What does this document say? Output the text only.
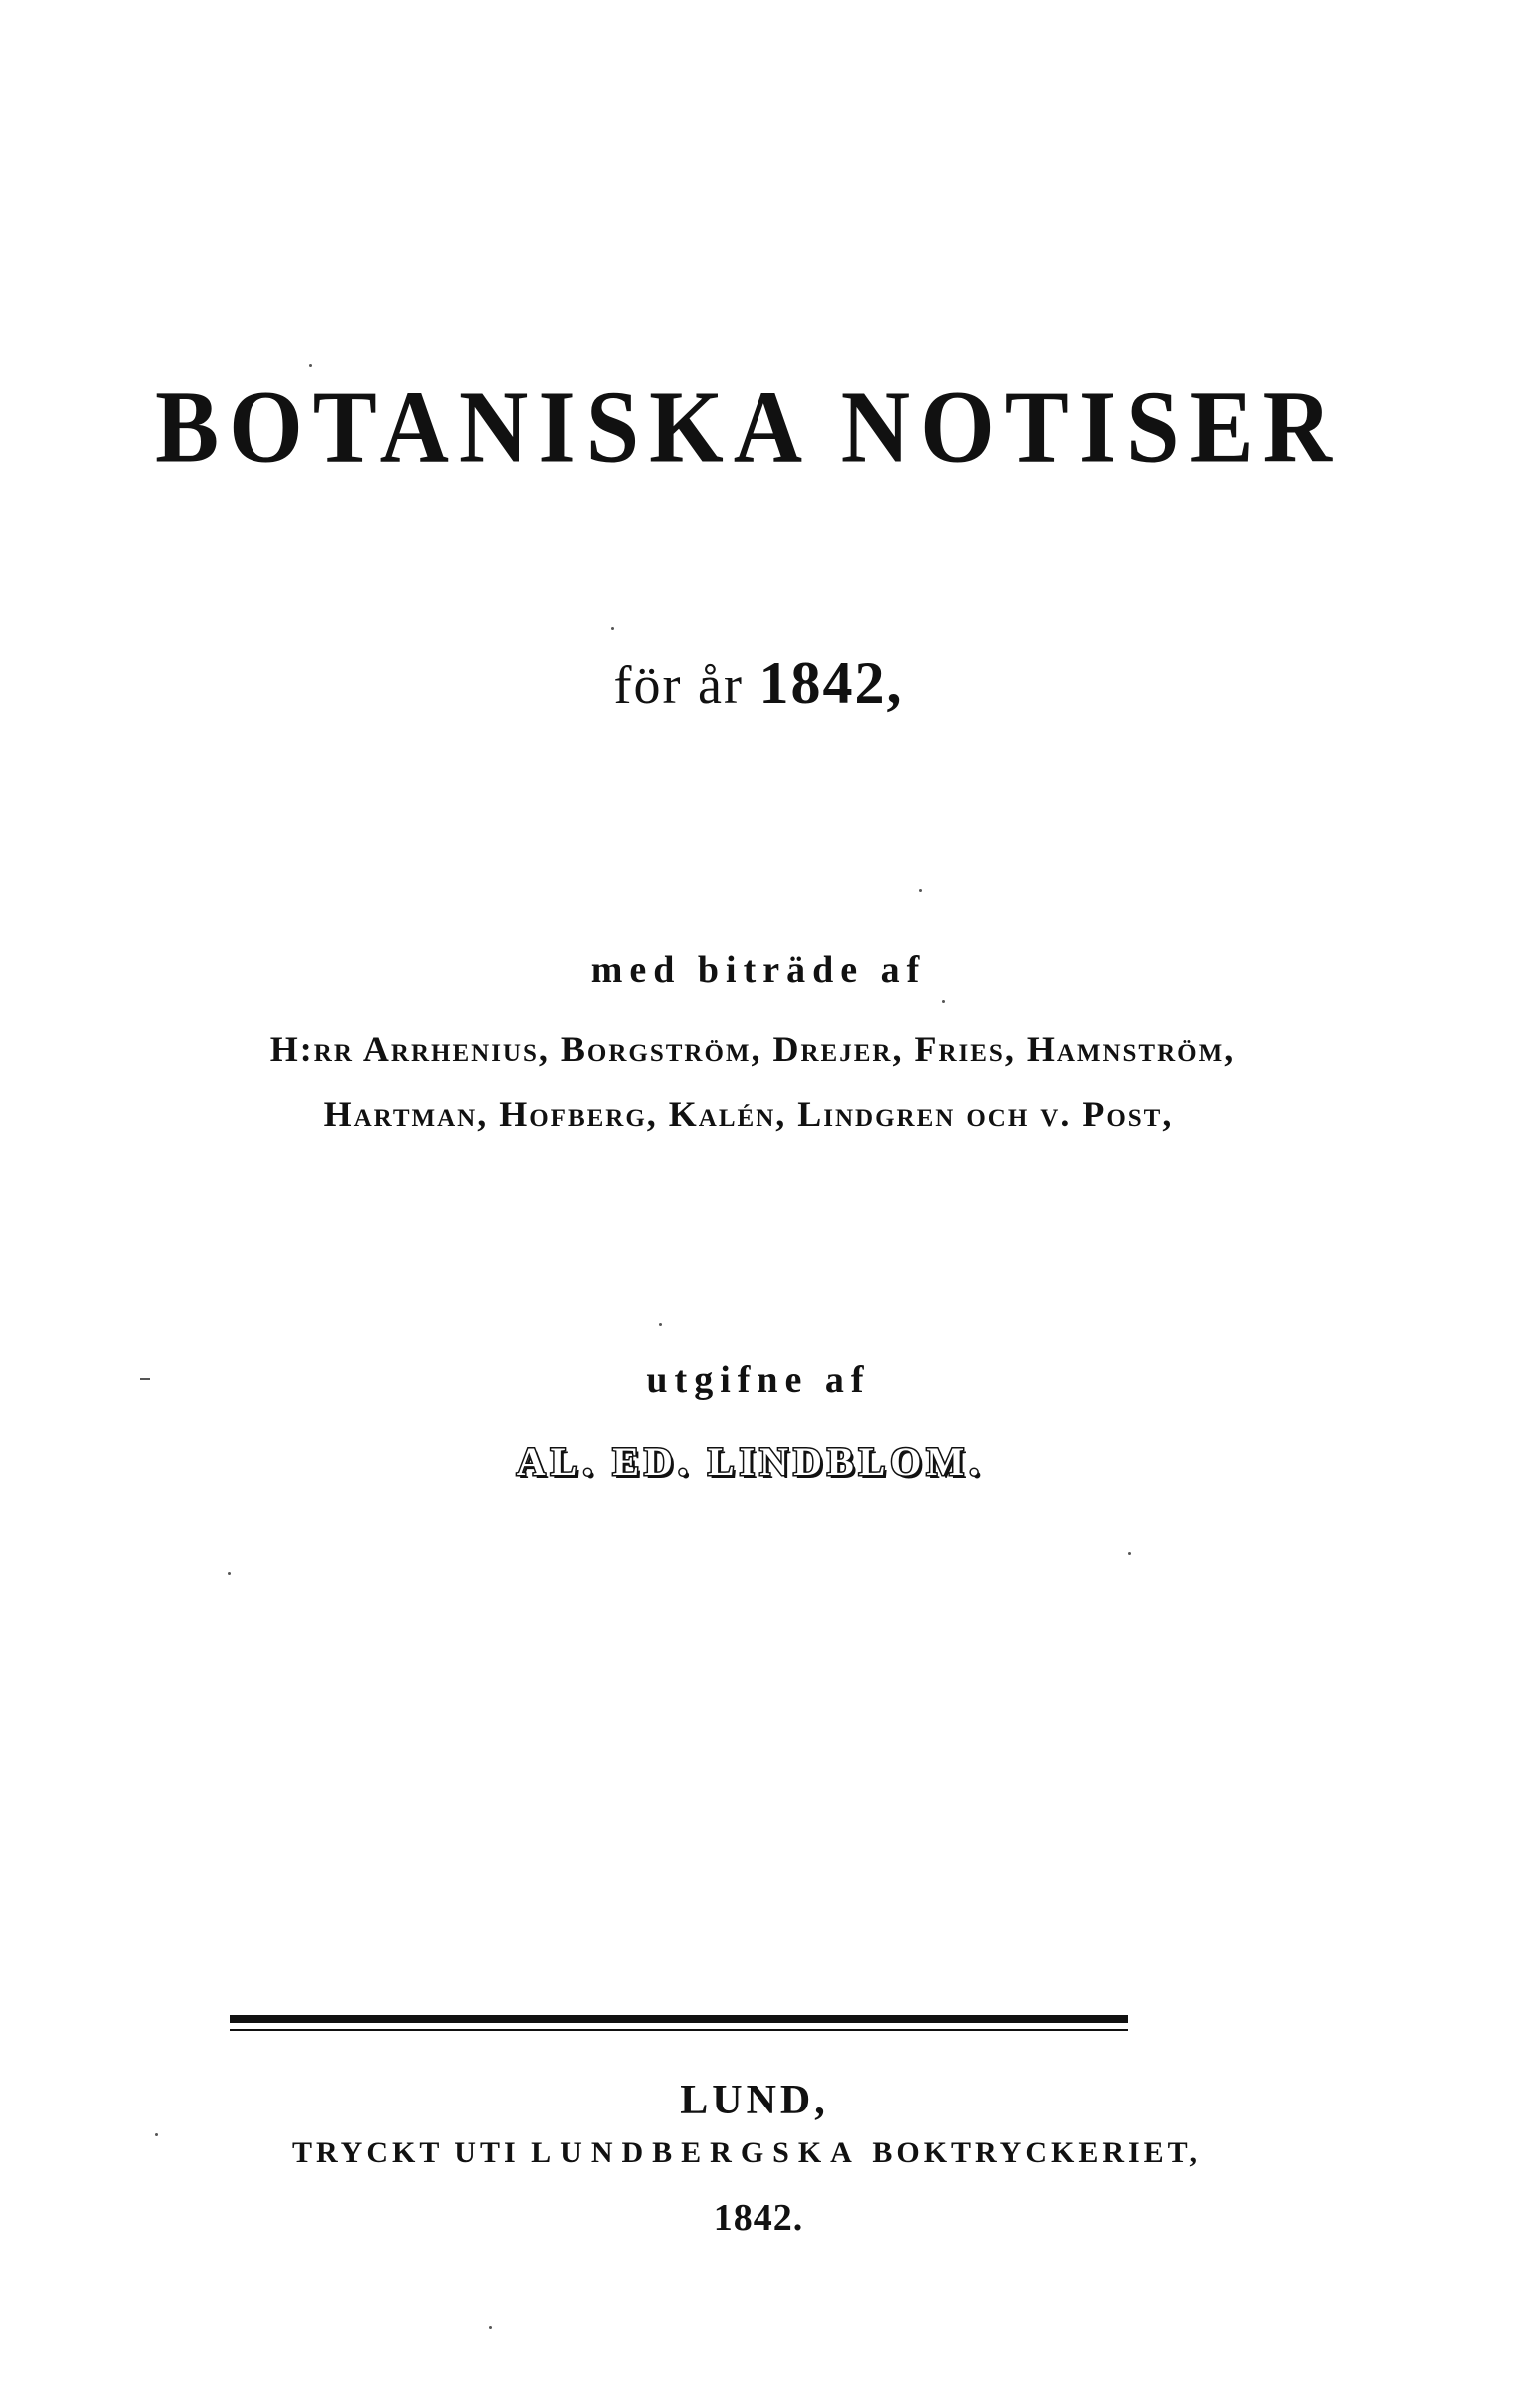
BOTANISKA NOTISER
för år 1842,
med biträde af
H:rr Arrhenius, Borgström, Drejer, Fries, Hamnström,
Hartman, Hofberg, Kalén, Lindgren och v. Post,
utgifne af
AL. ED. LINDBLOM.
LUND,
TRYCKT UTI LUNDBERGSKA BOKTRYCKERIET,
1842.
